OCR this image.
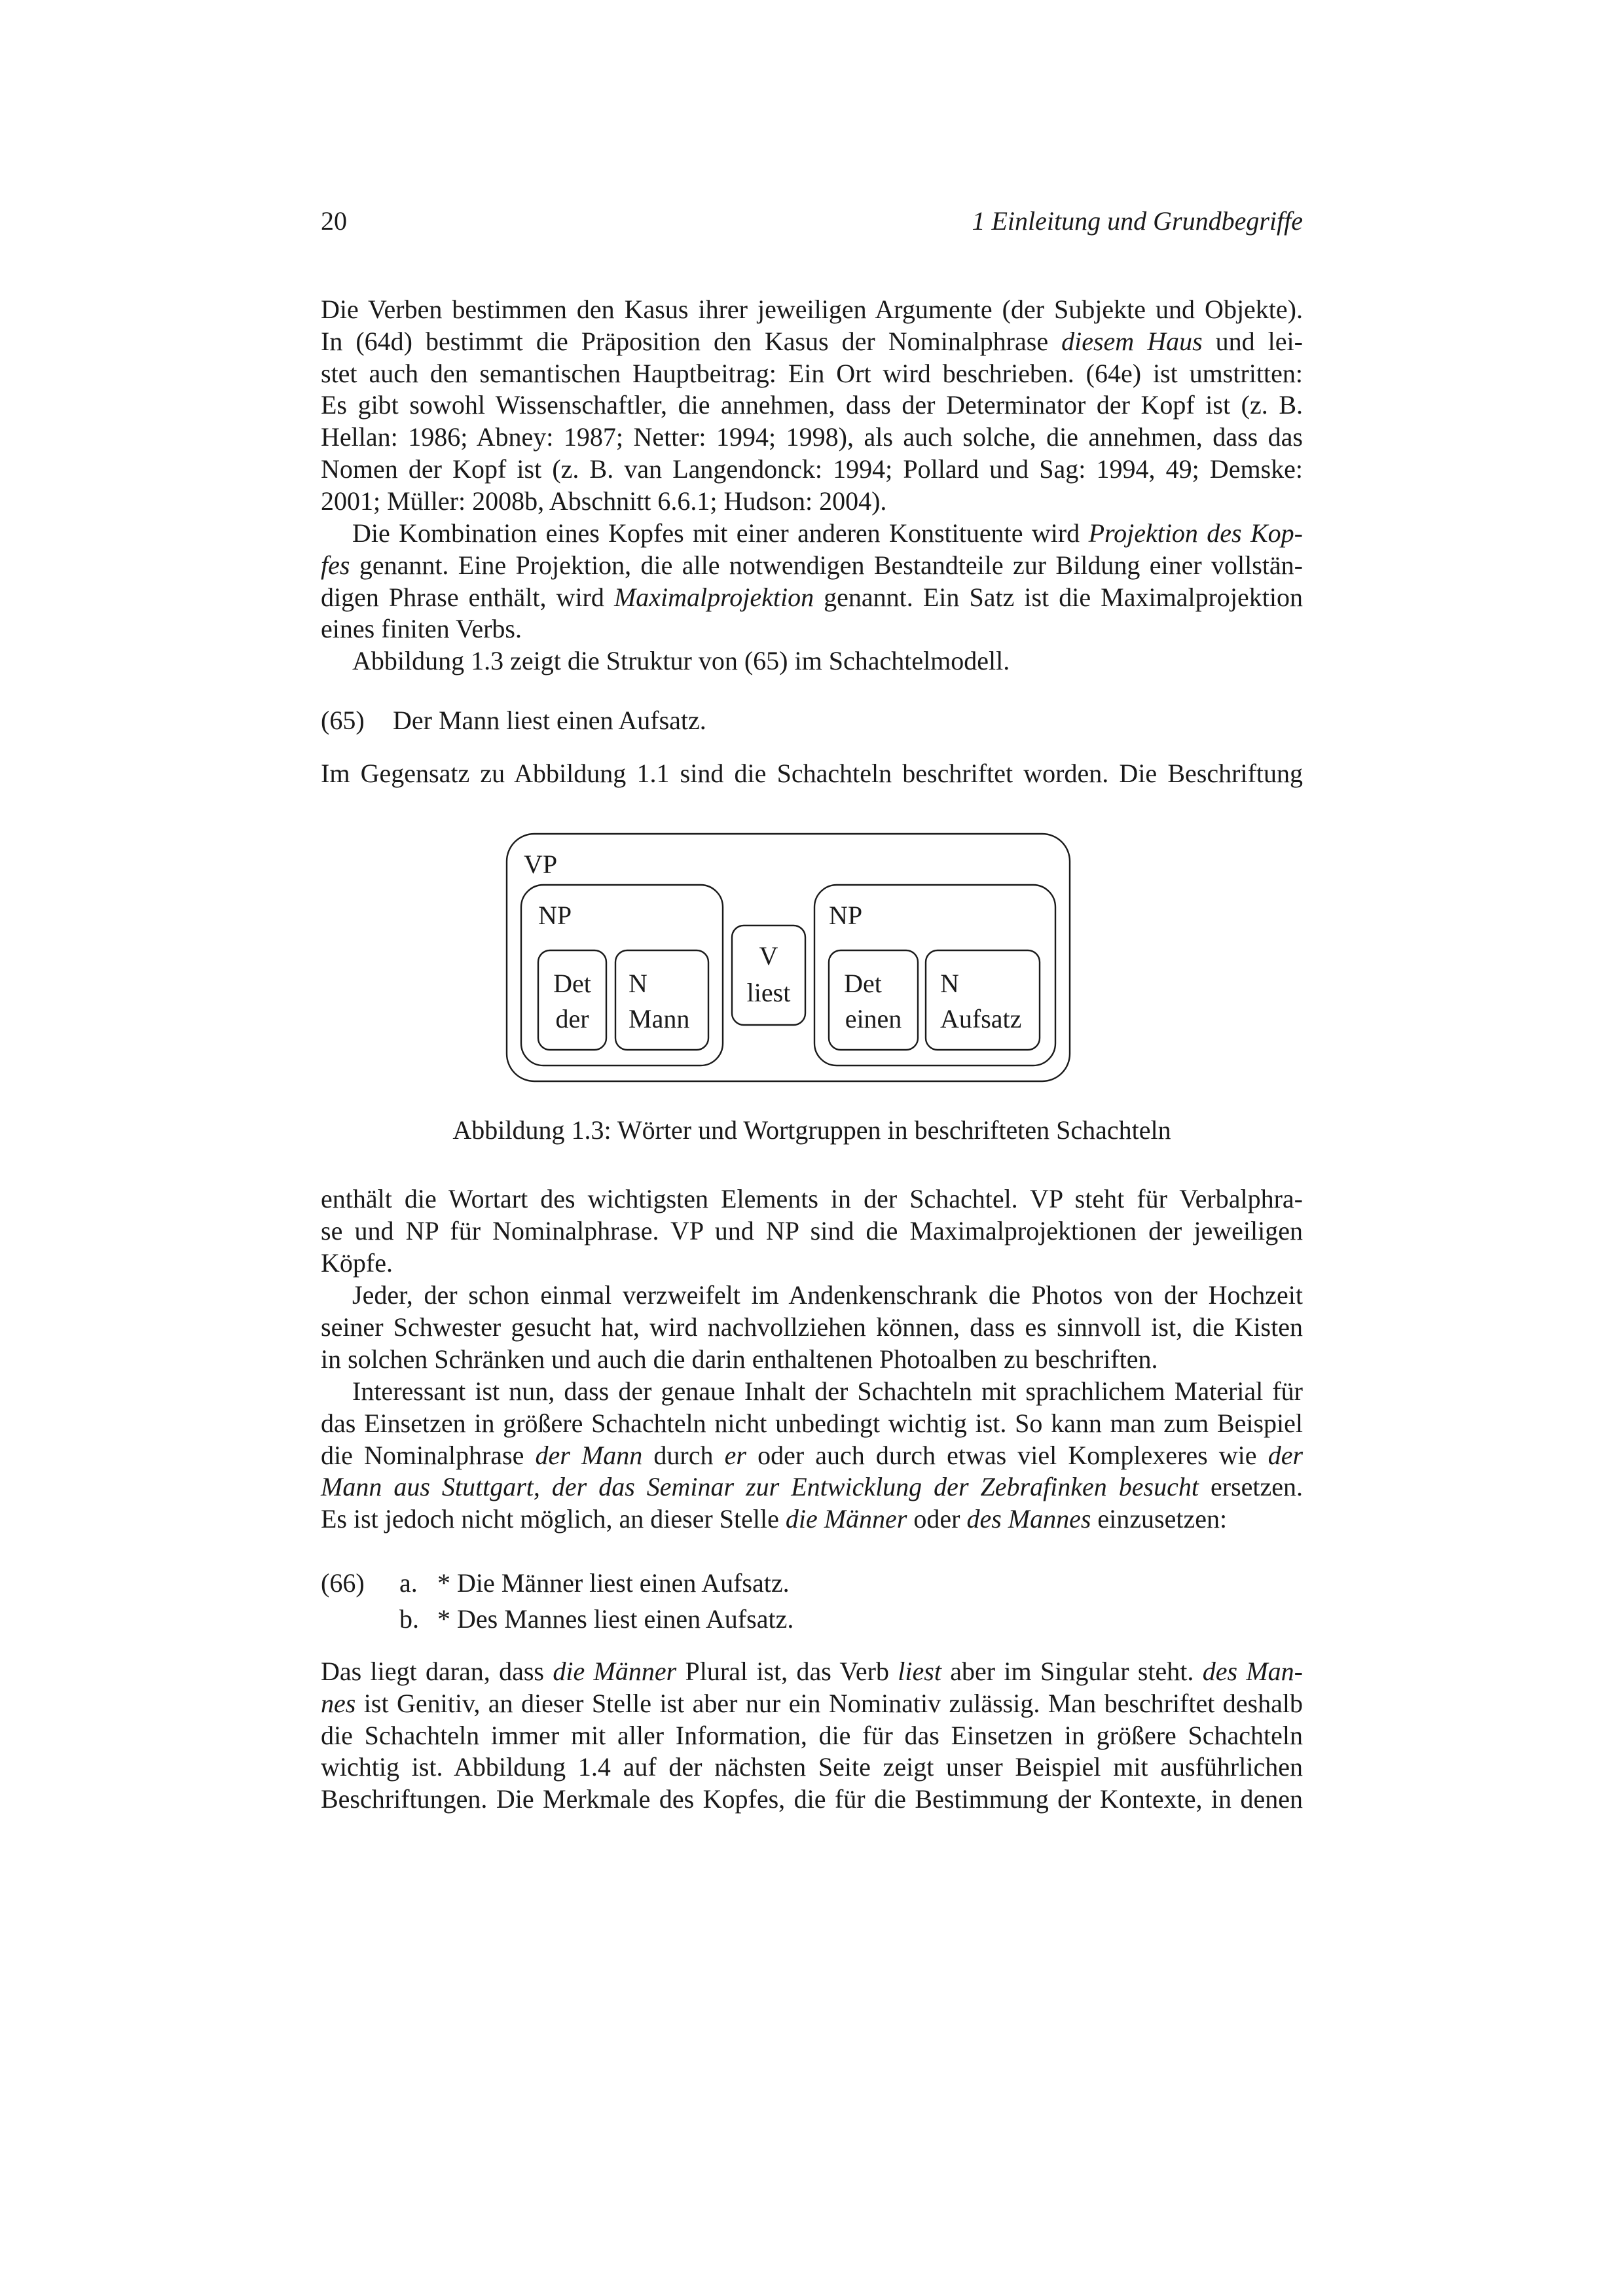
20	1 Einleitung und Grundbegriffe
Die Verben bestimmen den Kasus ihrer jeweiligen Argumente (der Subjekte und Objekte).
In (64d) bestimmt die Präposition den Kasus der Nominalphrase diesem Haus und lei-
stet auch den semantischen Hauptbeitrag: Ein Ort wird beschrieben. (64e) ist umstritten:
Es gibt sowohl Wissenschaftler, die annehmen, dass der Determinator der Kopf ist (z. B.
Hellan: 1986; Abney: 1987; Netter: 1994; 1998), als auch solche, die annehmen, dass das
Nomen der Kopf ist (z. B. van Langendonck: 1994; Pollard und Sag: 1994, 49; Demske:
2001; Müller: 2008b, Abschnitt 6.6.1; Hudson: 2004).
Die Kombination eines Kopfes mit einer anderen Konstituente wird Projektion des Kop-
fes genannt. Eine Projektion, die alle notwendigen Bestandteile zur Bildung einer vollstän-
digen Phrase enthält, wird Maximalprojektion genannt. Ein Satz ist die Maximalprojektion
eines finiten Verbs.
Abbildung 1.3 zeigt die Struktur von (65) im Schachtelmodell.
(65) Der Mann liest einen Aufsatz.
Im Gegensatz zu Abbildung 1.1 sind die Schachteln beschriftet worden. Die Beschriftung
VP
NP
Det
der
N
Mann
V
liest
NP
Det
einen
N
Aufsatz
Abbildung 1.3: Wörter und Wortgruppen in beschrifteten Schachteln
enthält die Wortart des wichtigsten Elements in der Schachtel. VP steht für Verbalphra-
se und NP für Nominalphrase. VP und NP sind die Maximalprojektionen der jeweiligen
Köpfe.
Jeder, der schon einmal verzweifelt im Andenkenschrank die Photos von der Hochzeit
seiner Schwester gesucht hat, wird nachvollziehen können, dass es sinnvoll ist, die Kisten
in solchen Schränken und auch die darin enthaltenen Photoalben zu beschriften.
Interessant ist nun, dass der genaue Inhalt der Schachteln mit sprachlichem Material für
das Einsetzen in größere Schachteln nicht unbedingt wichtig ist. So kann man zum Beispiel
die Nominalphrase der Mann durch er oder auch durch etwas viel Komplexeres wie der
Mann aus Stuttgart, der das Seminar zur Entwicklung der Zebrafinken besucht ersetzen.
Es ist jedoch nicht möglich, an dieser Stelle die Männer oder des Mannes einzusetzen:
(66) a. * Die Männer liest einen Aufsatz.
b. * Des Mannes liest einen Aufsatz.
Das liegt daran, dass die Männer Plural ist, das Verb liest aber im Singular steht. des Man-
nes ist Genitiv, an dieser Stelle ist aber nur ein Nominativ zulässig. Man beschriftet deshalb
die Schachteln immer mit aller Information, die für das Einsetzen in größere Schachteln
wichtig ist. Abbildung 1.4 auf der nächsten Seite zeigt unser Beispiel mit ausführlichen
Beschriftungen. Die Merkmale des Kopfes, die für die Bestimmung der Kontexte, in denen
